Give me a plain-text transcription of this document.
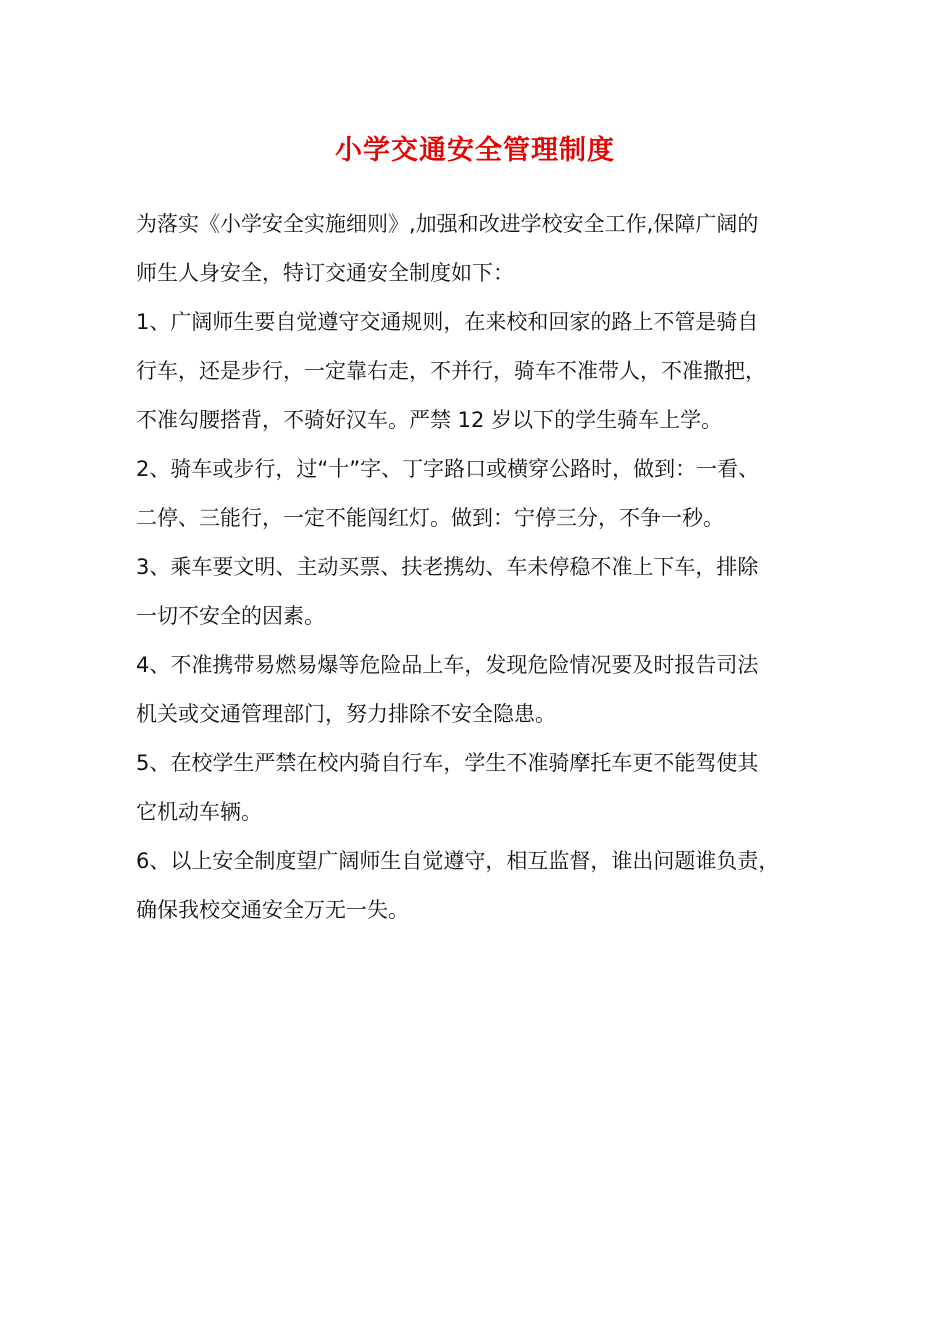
小学交通安全管理制度
为落实《小学安全实施细则》,加强和改进学校安全工作,保障广阔的
师生人身安全，特订交通安全制度如下：
1、广阔师生要自觉遵守交通规则，在来校和回家的路上不管是骑自
行车，还是步行，一定靠右走，不并行，骑车不准带人，不准撒把，
不准勾腰搭背，不骑好汉车。严禁 12 岁以下的学生骑车上学。
2、骑车或步行，过“十”字、丁字路口或横穿公路时，做到：一看、
二停、三能行，一定不能闯红灯。做到：宁停三分，不争一秒。
3、乘车要文明、主动买票、扶老携幼、车未停稳不准上下车，排除
一切不安全的因素。
4、不准携带易燃易爆等危险品上车，发现危险情况要及时报告司法
机关或交通管理部门，努力排除不安全隐患。
5、在校学生严禁在校内骑自行车，学生不准骑摩托车更不能驾使其
它机动车辆。
6、以上安全制度望广阔师生自觉遵守，相互监督，谁出问题谁负责，
确保我校交通安全万无一失。
